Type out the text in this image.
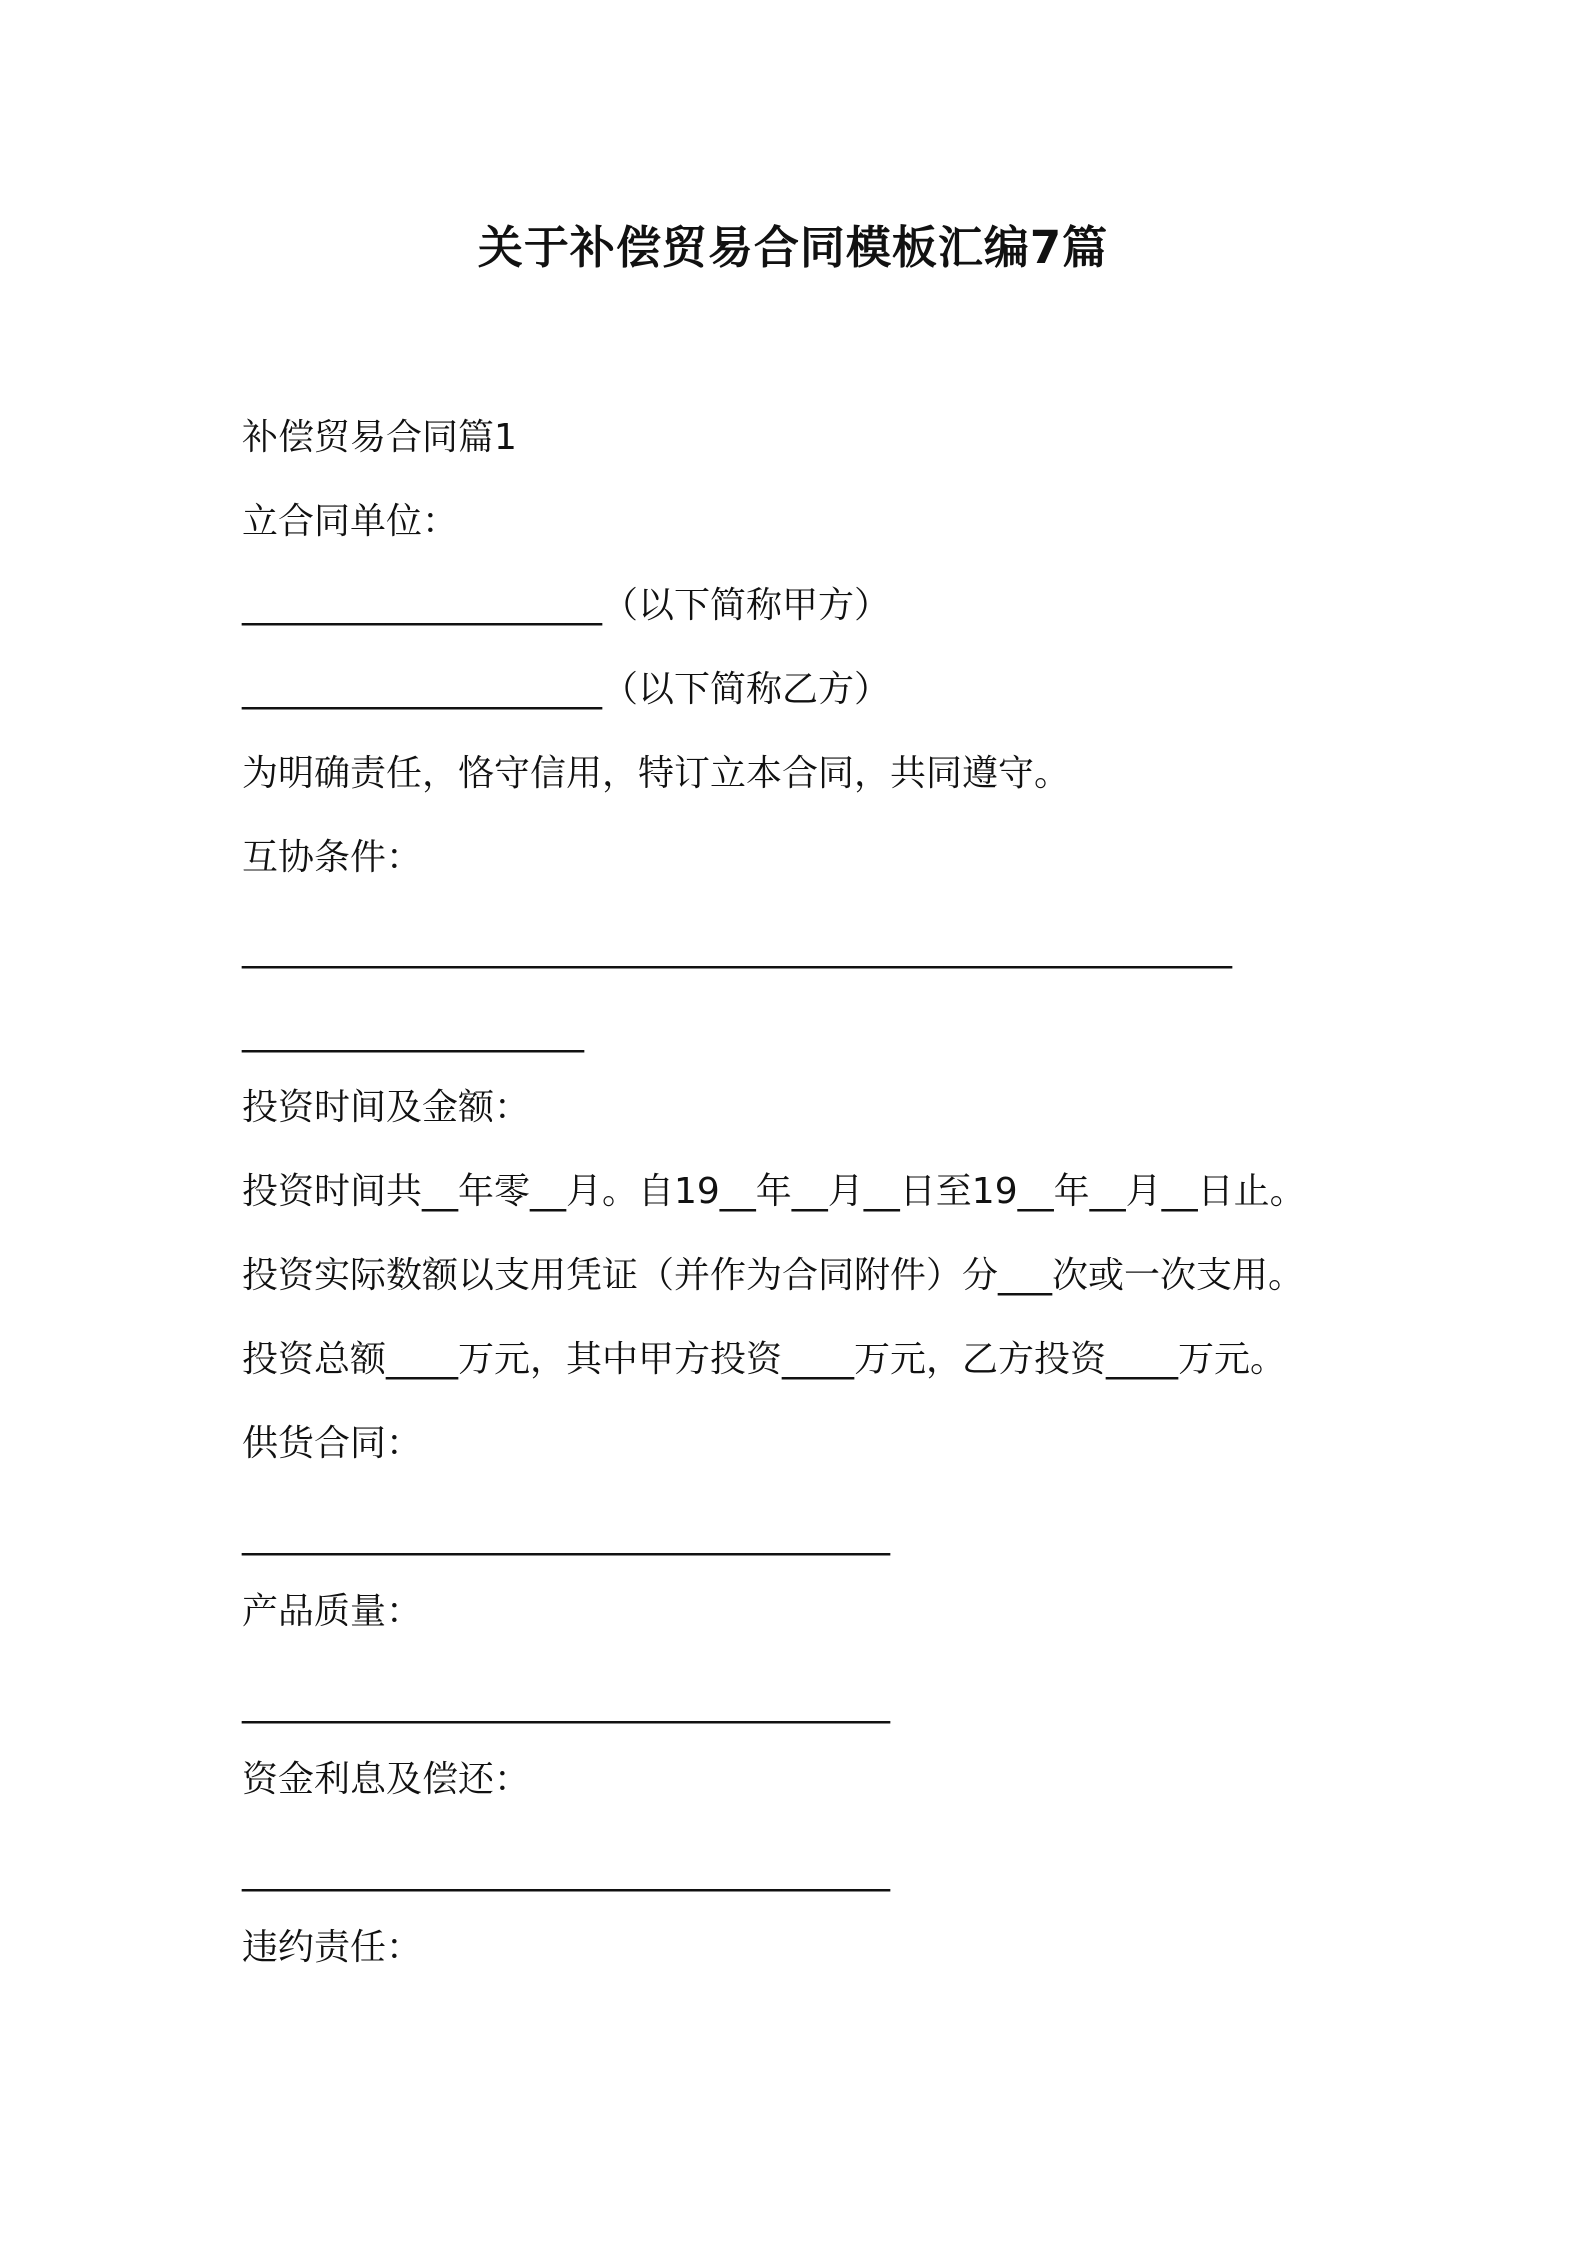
关于补偿贸易合同模板汇编7篇
补偿贸易合同篇1
立合同单位：
____________________（以下简称甲方）
____________________（以下简称乙方）
为明确责任，恪守信用，特订立本合同，共同遵守。
互协条件：
_______________________________________________________
___________________
投资时间及金额：
投资时间共__年零__月。自19__年__月__日至19__年__月__日止。
投资实际数额以支用凭证（并作为合同附件）分___次或一次支用。
投资总额____万元，其中甲方投资____万元，乙方投资____万元。
供货合同：
____________________________________
产品质量：
____________________________________
资金利息及偿还：
____________________________________
违约责任：
